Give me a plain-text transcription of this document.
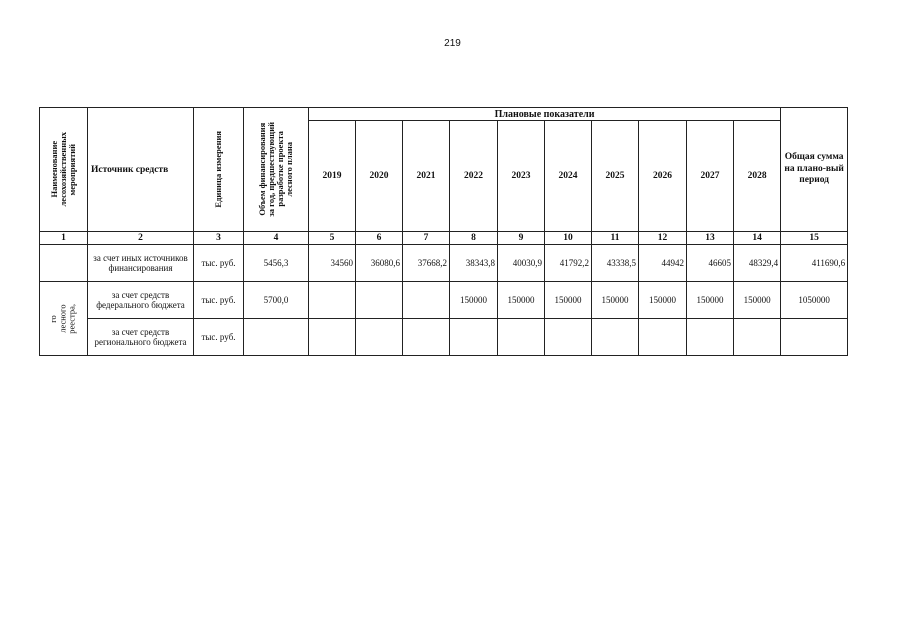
219
Наименование
лесохозяйственных
мероприятий	Источник средств	Единица измерения	Объем финансирования
за год, предшествующий
разработке проекта
лесного плана	Плановые показатели										Общая сумма на плано-вый период
				2019	2020	2021	2022	2023	2024	2025	2026	2027	2028	
1	2	3	4	5	6	7	8	9	10	11	12	13	14	15
	за счет иных источников финансирования	тыс. руб.	5456,3	34560	36080,6	37668,2	38343,8	40030,9	41792,2	43338,5	44942	46605	48329,4	411690,6

го
лесного
реестра,	за счет средств федерального бюджета	тыс. руб.	5700,0				150000	150000	150000	150000	150000	150000	150000	1050000
	за счет средств регионального бюджета	тыс. руб.												
